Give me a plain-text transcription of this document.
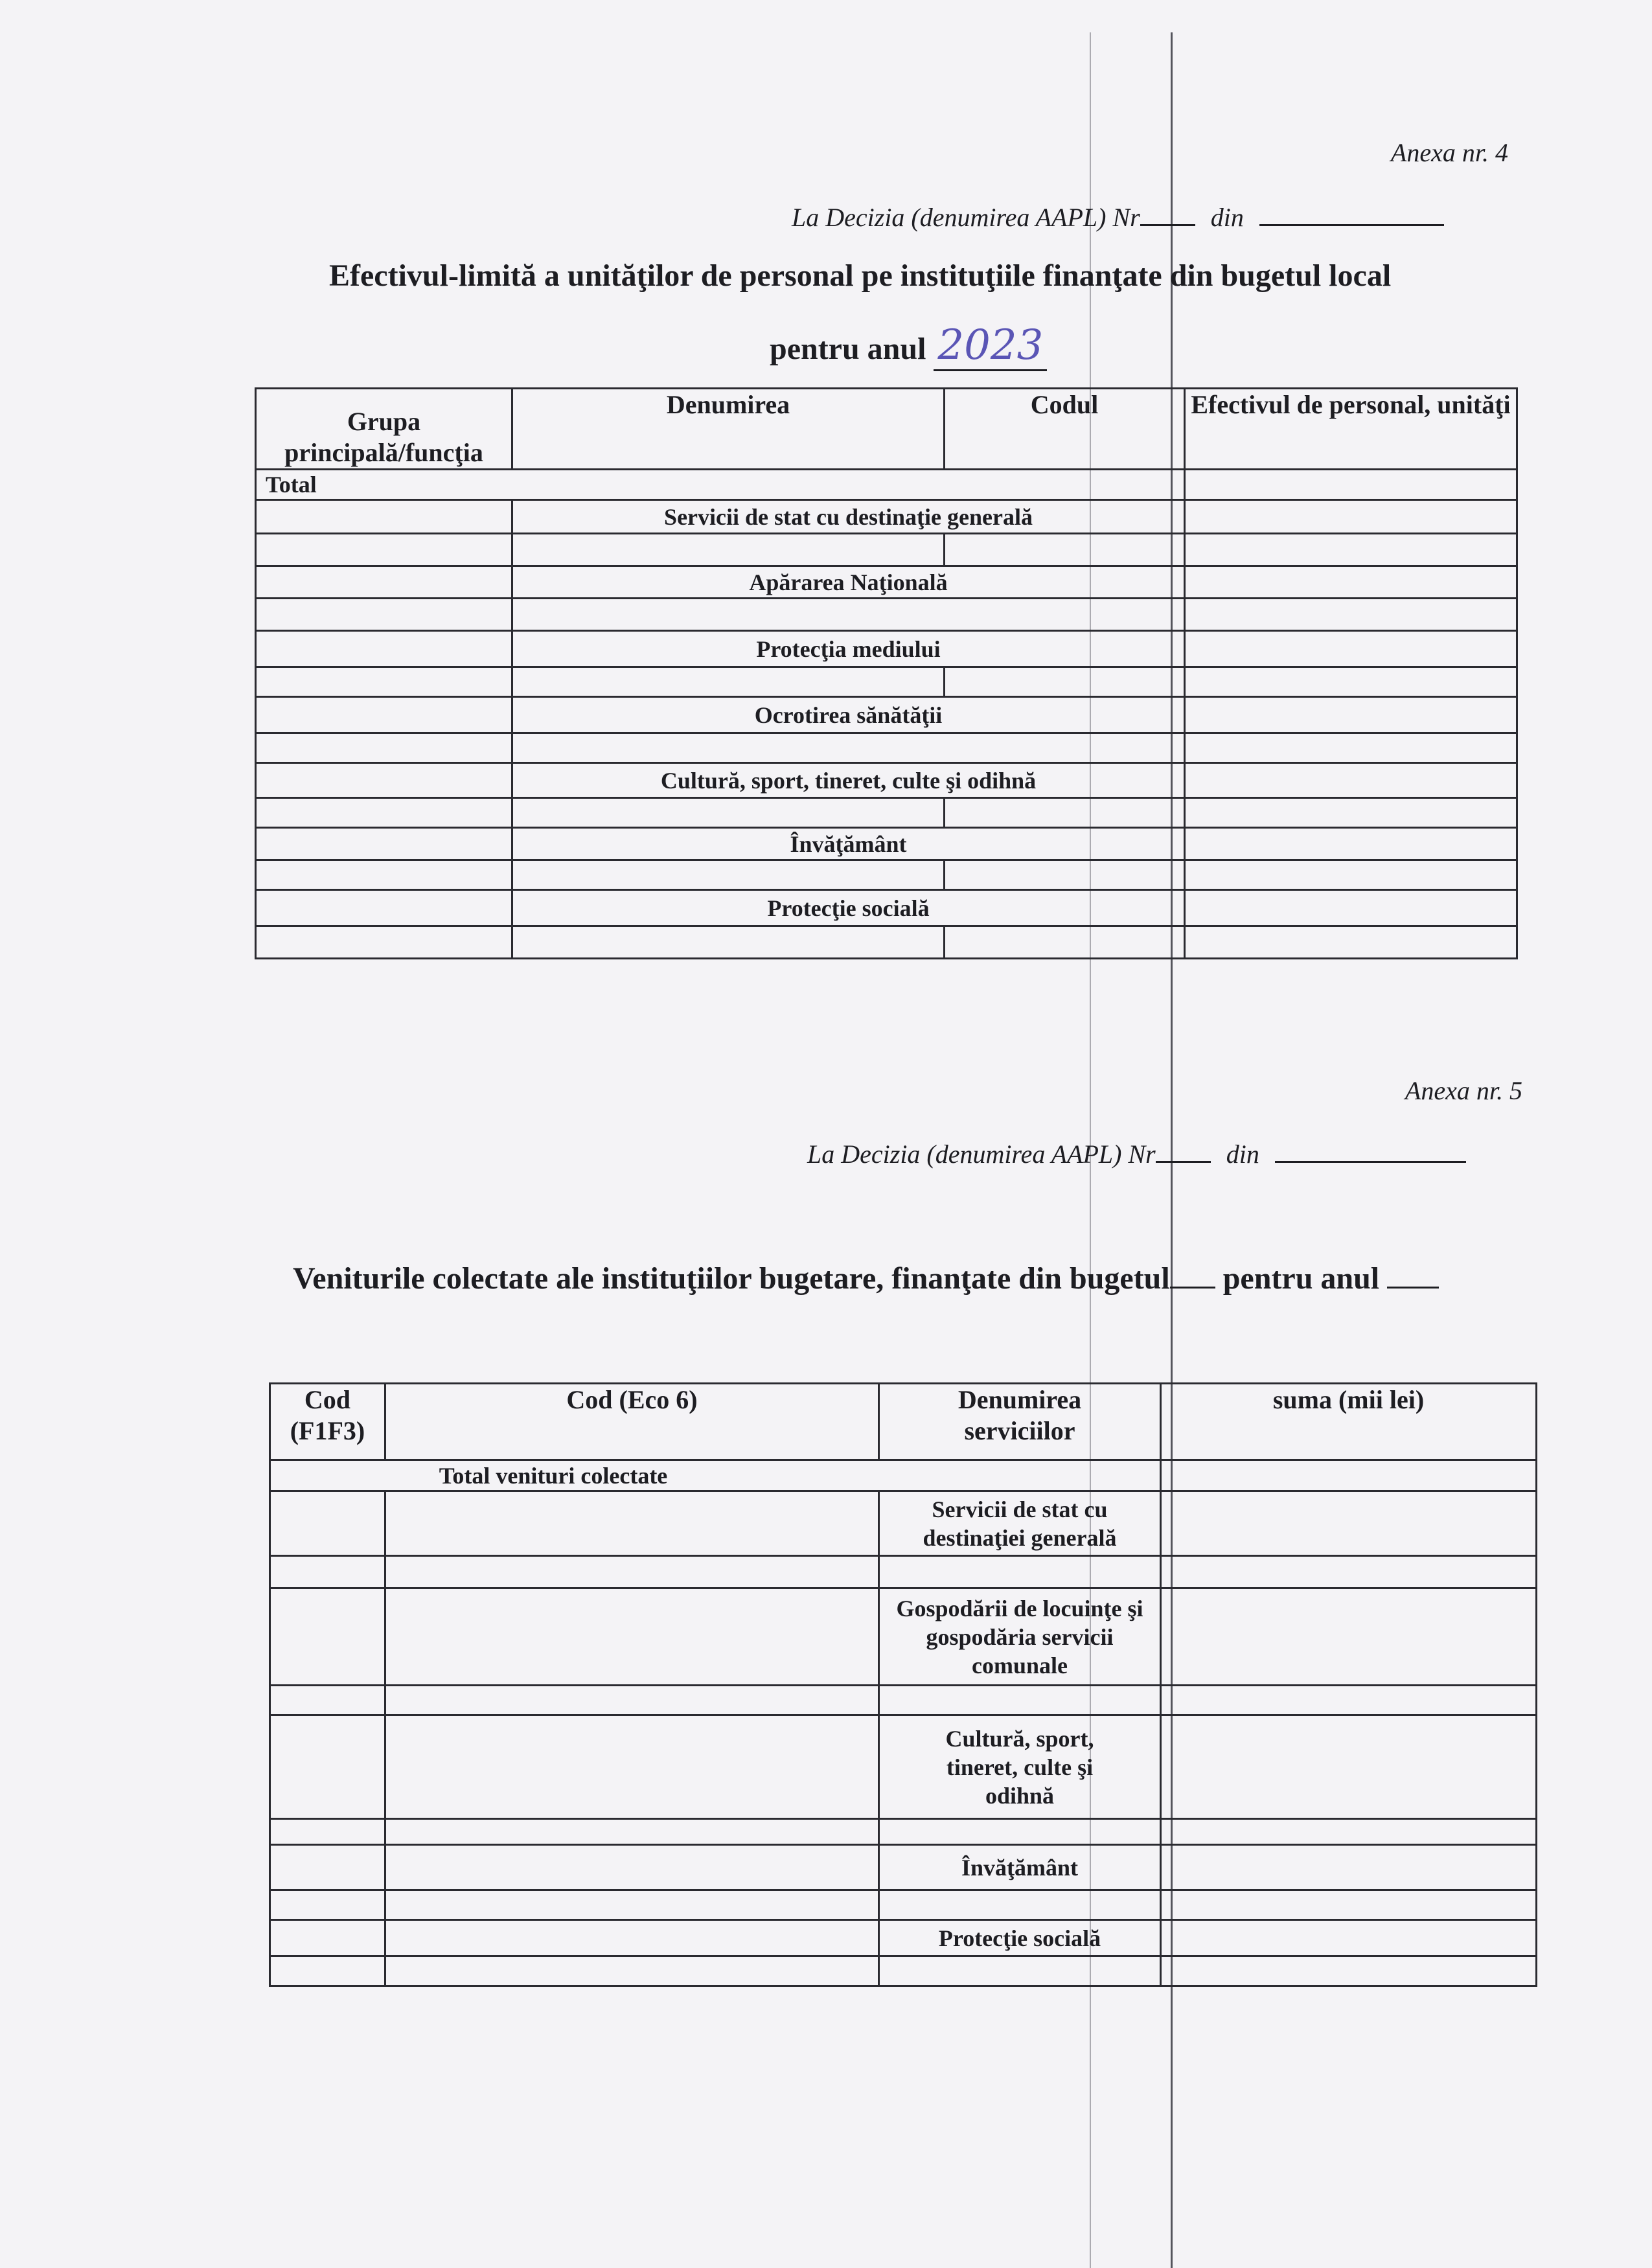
Anexa nr. 4
La Decizia (denumirea AAPL) Nr	din
Efectivul-limită a unităţilor de personal pe instituţiile finanţate din bugetul local
pentru anul 2023
Grupa principală/funcţia	Denumirea	Codul	Efectivul de personal, unităţi
Total			
	Servicii de stat cu destinaţie generală		

	Apărarea Naţională		

	Protecţia mediului		

	Ocrotirea sănătăţii		

	Cultură, sport, tineret, culte şi odihnă		

	Învăţământ		

	Protecţie socială		

Anexa nr. 5
La Decizia (denumirea AAPL) Nr	din
Veniturile colectate ale instituţiilor bugetare, finanţate din bugetul pentru anul
Cod (F1F3)	Cod (Eco 6)	Denumirea serviciilor	suma (mii lei)
Total venituri colectate			
		Servicii de stat cu destinaţiei generală	

		Gospodării de locuinţe şi gospodăria servicii comunale	

		Cultură, sport, tineret, culte şi odihnă	

		Învăţământ	

		Protecţie socială	
